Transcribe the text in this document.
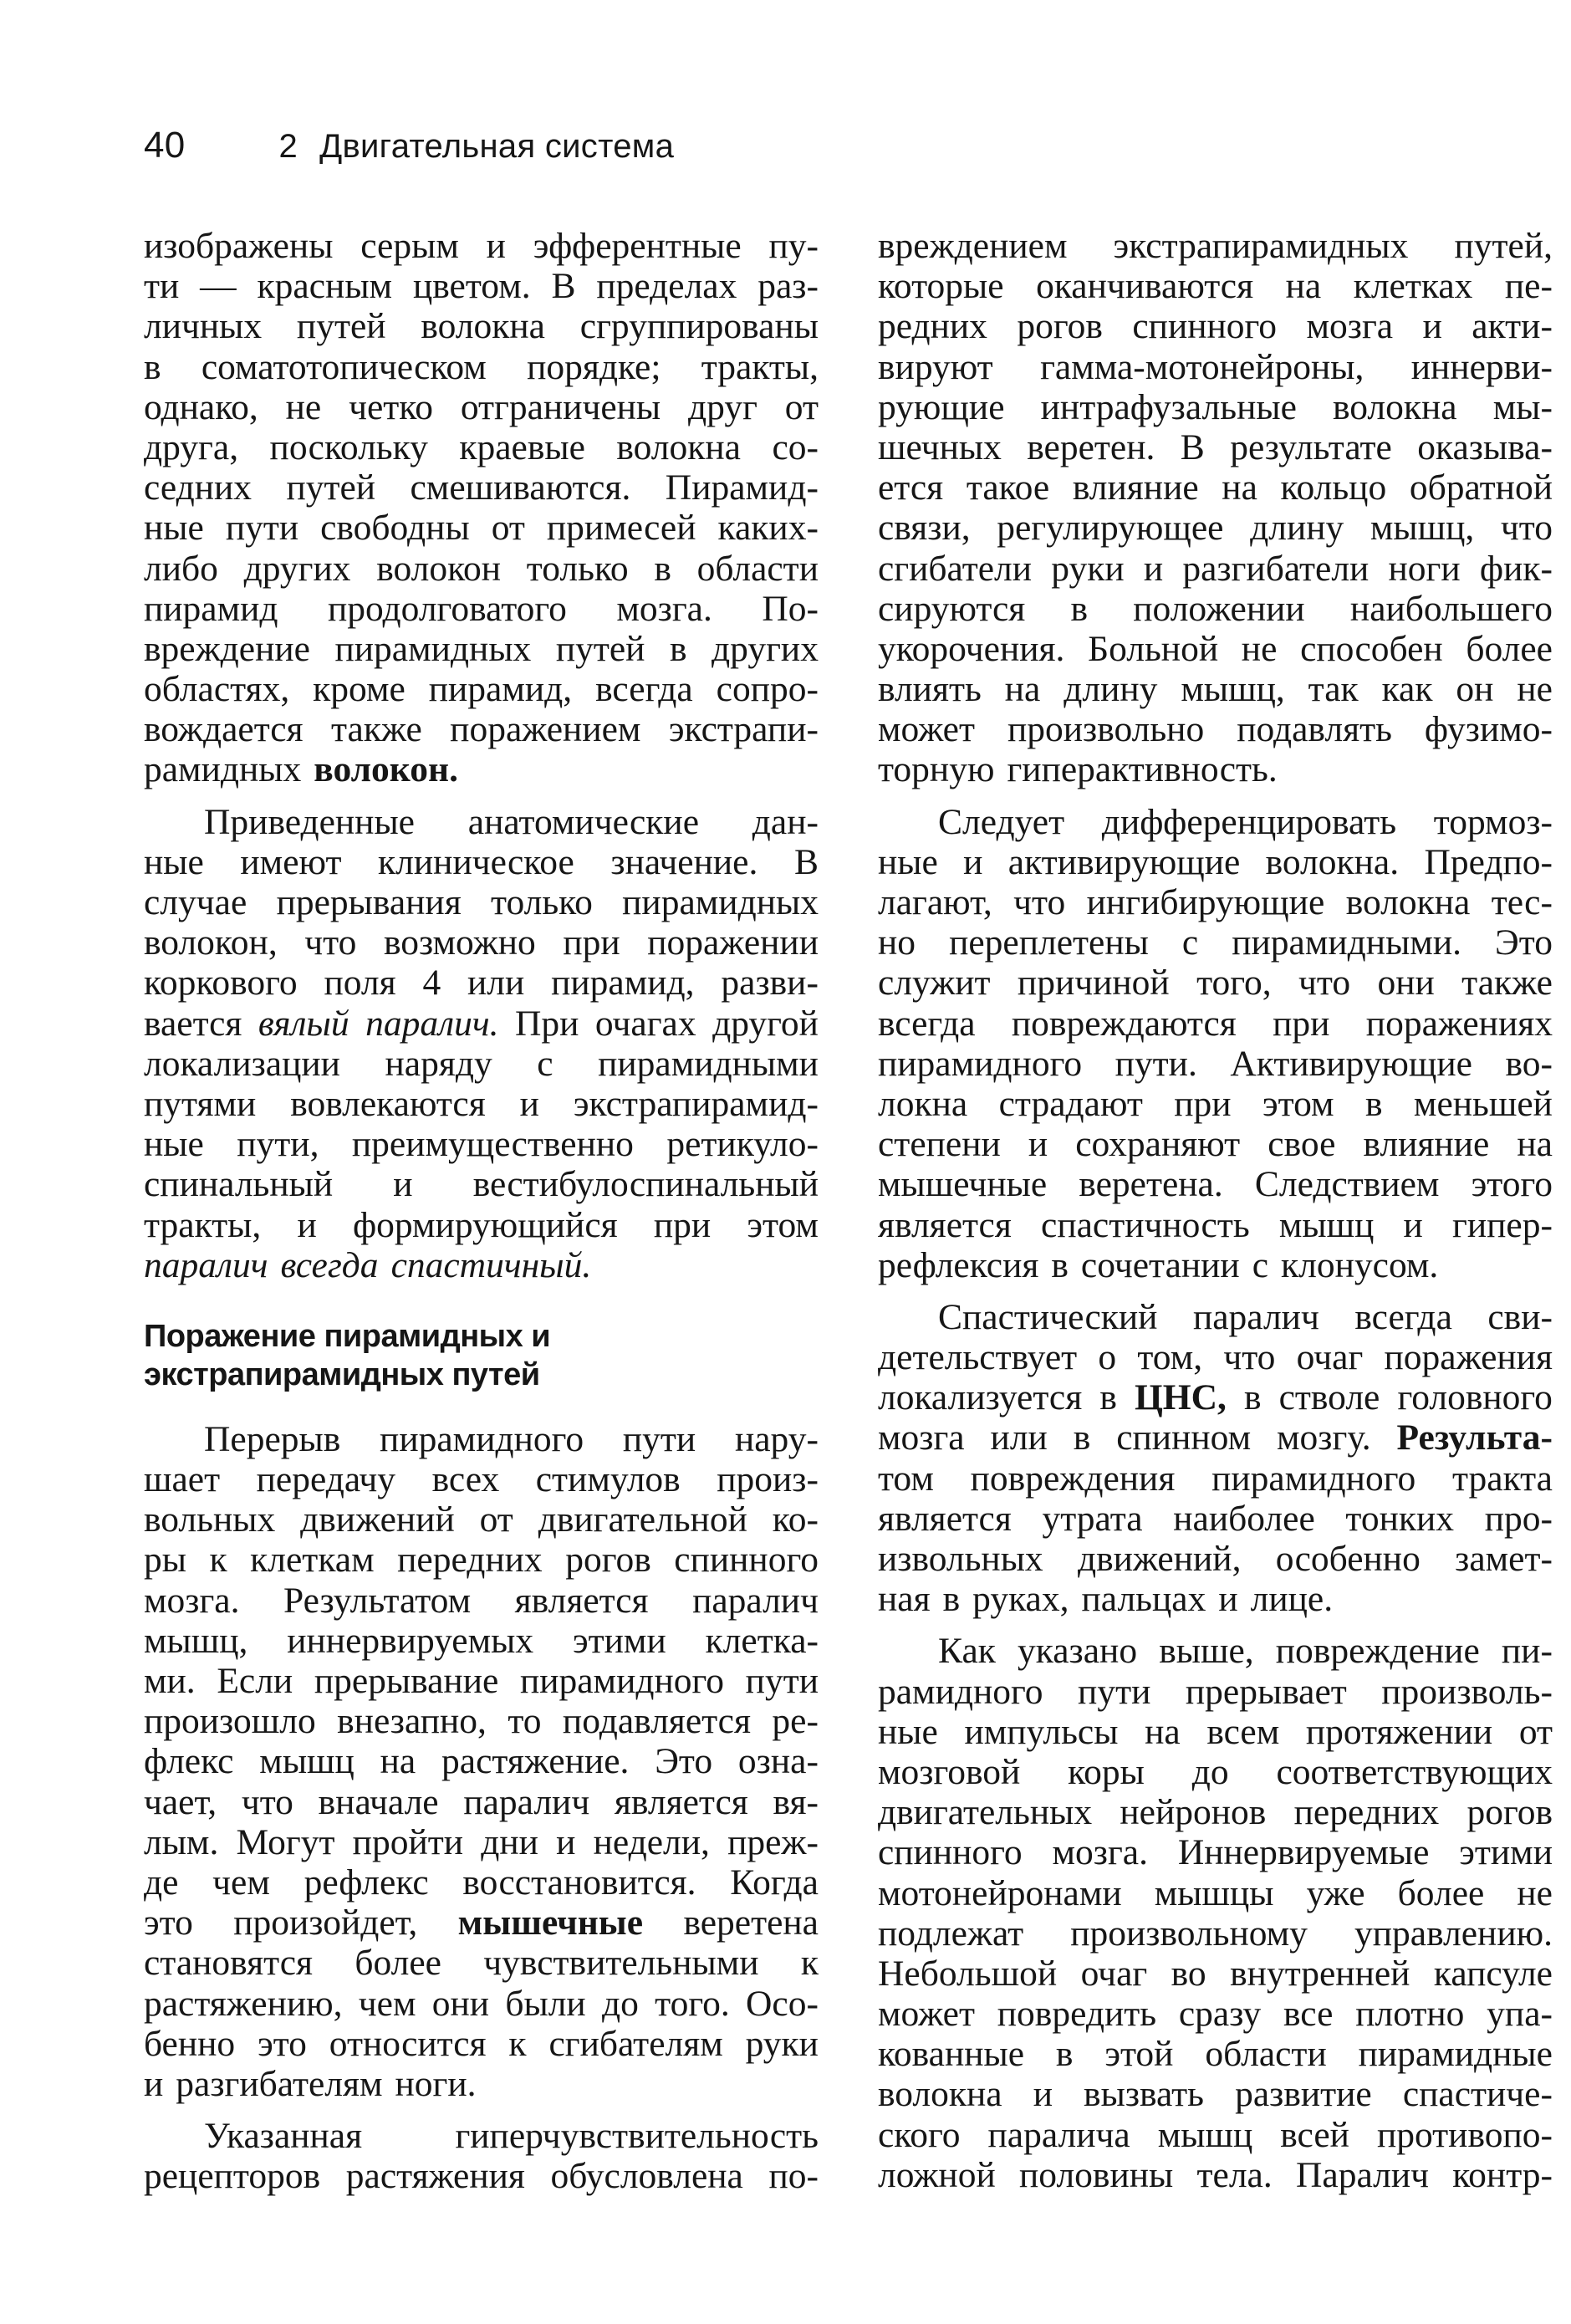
40	2 Двигательная система
изображены серым и эфферентные пу-
ти — красным цветом. В пределах раз-
личных путей волокна сгруппированы
в соматотопическом порядке; тракты,
однако, не четко отграничены друг от
друга, поскольку краевые волокна со-
седних путей смешиваются. Пирамид-
ные пути свободны от примесей каких-
либо других волокон только в области
пирамид продолговатого мозга. По-
вреждение пирамидных путей в других
областях, кроме пирамид, всегда сопро-
вождается также поражением экстрапи-
рамидных волокон.
Приведенные анатомические дан-
ные имеют клиническое значение. В
случае прерывания только пирамидных
волокон, что возможно при поражении
коркового поля 4 или пирамид, разви-
вается вялый паралич. При очагах другой
локализации наряду с пирамидными
путями вовлекаются и экстрапирамид-
ные пути, преимущественно ретикуло-
спинальный и вестибулоспинальный
тракты, и формирующийся при этом
паралич всегда спастичный.
Поражение пирамидных и
экстрапирамидных путей
Перерыв пирамидного пути нару-
шает передачу всех стимулов произ-
вольных движений от двигательной ко-
ры к клеткам передних рогов спинного
мозга. Результатом является паралич
мышц, иннервируемых этими клетка-
ми. Если прерывание пирамидного пути
произошло внезапно, то подавляется ре-
флекс мышц на растяжение. Это озна-
чает, что вначале паралич является вя-
лым. Могут пройти дни и недели, преж-
де чем рефлекс восстановится. Когда
это произойдет, мышечные веретена
становятся более чувствительными к
растяжению, чем они были до того. Осо-
бенно это относится к сгибателям руки
и разгибателям ноги.
Указанная	гиперчувствительность
рецепторов растяжения обусловлена по-
вреждением экстрапирамидных путей,
которые оканчиваются на клетках пе-
редних рогов спинного мозга и акти-
вируют гамма-мотонейроны, иннерви-
рующие интрафузальные волокна мы-
шечных веретен. В результате оказыва-
ется такое влияние на кольцо обратной
связи, регулирующее длину мышц, что
сгибатели руки и разгибатели ноги фик-
сируются в положении наибольшего
укорочения. Больной не способен более
влиять на длину мышц, так как он не
может произвольно подавлять фузимо-
торную гиперактивность.
Следует дифференцировать тормоз-
ные и активирующие волокна. Предпо-
лагают, что ингибирующие волокна тес-
но переплетены с пирамидными. Это
служит причиной того, что они также
всегда повреждаются при поражениях
пирамидного пути. Активирующие во-
локна страдают при этом в меньшей
степени и сохраняют свое влияние на
мышечные веретена. Следствием этого
является спастичность мышц и гипер-
рефлексия в сочетании с клонусом.
Спастический паралич всегда сви-
детельствует о том, что очаг поражения
локализуется в ЦНС, в стволе головного
мозга или в спинном мозгу. Результа-
том повреждения пирамидного тракта
является утрата наиболее тонких про-
извольных движений, особенно замет-
ная в руках, пальцах и лице.
Как указано выше, повреждение пи-
рамидного пути прерывает произволь-
ные импульсы на всем протяжении от
мозговой коры до соответствующих
двигательных нейронов передних рогов
спинного мозга. Иннервируемые этими
мотонейронами мышцы уже более не
подлежат произвольному управлению.
Небольшой очаг во внутренней капсуле
может повредить сразу все плотно упа-
кованные в этой области пирамидные
волокна и вызвать развитие спастиче-
ского паралича мышц всей противопо-
ложной половины тела. Паралич контр-
